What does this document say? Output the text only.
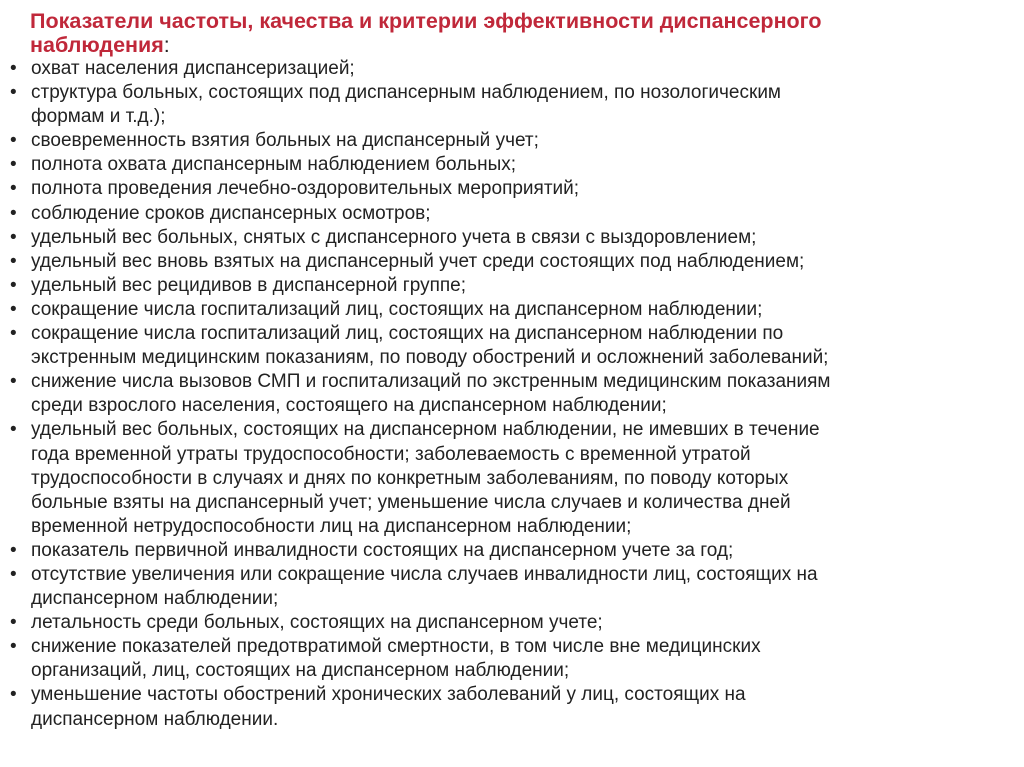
Показатели частоты, качества и критерии эффективности диспансерного
наблюдения:
• охват населения диспансеризацией;
• структура больных, состоящих под диспансерным наблюдением, по нозологическим
формам и т.д.);
• своевременность взятия больных на диспансерный учет;
• полнота охвата диспансерным наблюдением больных;
• полнота проведения лечебно-оздоровительных мероприятий;
• соблюдение сроков диспансерных осмотров;
• удельный вес больных, снятых с диспансерного учета в связи с выздоровлением;
• удельный вес вновь взятых на диспансерный учет среди состоящих под наблюдением;
• удельный вес рецидивов в диспансерной группе;
• сокращение числа госпитализаций лиц, состоящих на диспансерном наблюдении;
• сокращение числа госпитализаций лиц, состоящих на диспансерном наблюдении по
экстренным медицинским показаниям, по поводу обострений и осложнений заболеваний;
• снижение числа вызовов СМП и госпитализаций по экстренным медицинским показаниям
среди взрослого населения, состоящего на диспансерном наблюдении;
• удельный вес больных, состоящих на диспансерном наблюдении, не имевших в течение
года временной утраты трудоспособности; заболеваемость с временной утратой
трудоспособности в случаях и днях по конкретным заболеваниям, по поводу которых
больные взяты на диспансерный учет; уменьшение числа случаев и количества дней
временной нетрудоспособности лиц на диспансерном наблюдении;
• показатель первичной инвалидности состоящих на диспансерном учете за год;
• отсутствие увеличения или сокращение числа случаев инвалидности лиц, состоящих на
диспансерном наблюдении;
• летальность среди больных, состоящих на диспансерном учете;
• снижение показателей предотвратимой смертности, в том числе вне медицинских
организаций, лиц, состоящих на диспансерном наблюдении;
• уменьшение частоты обострений хронических заболеваний у лиц, состоящих на
диспансерном наблюдении.
